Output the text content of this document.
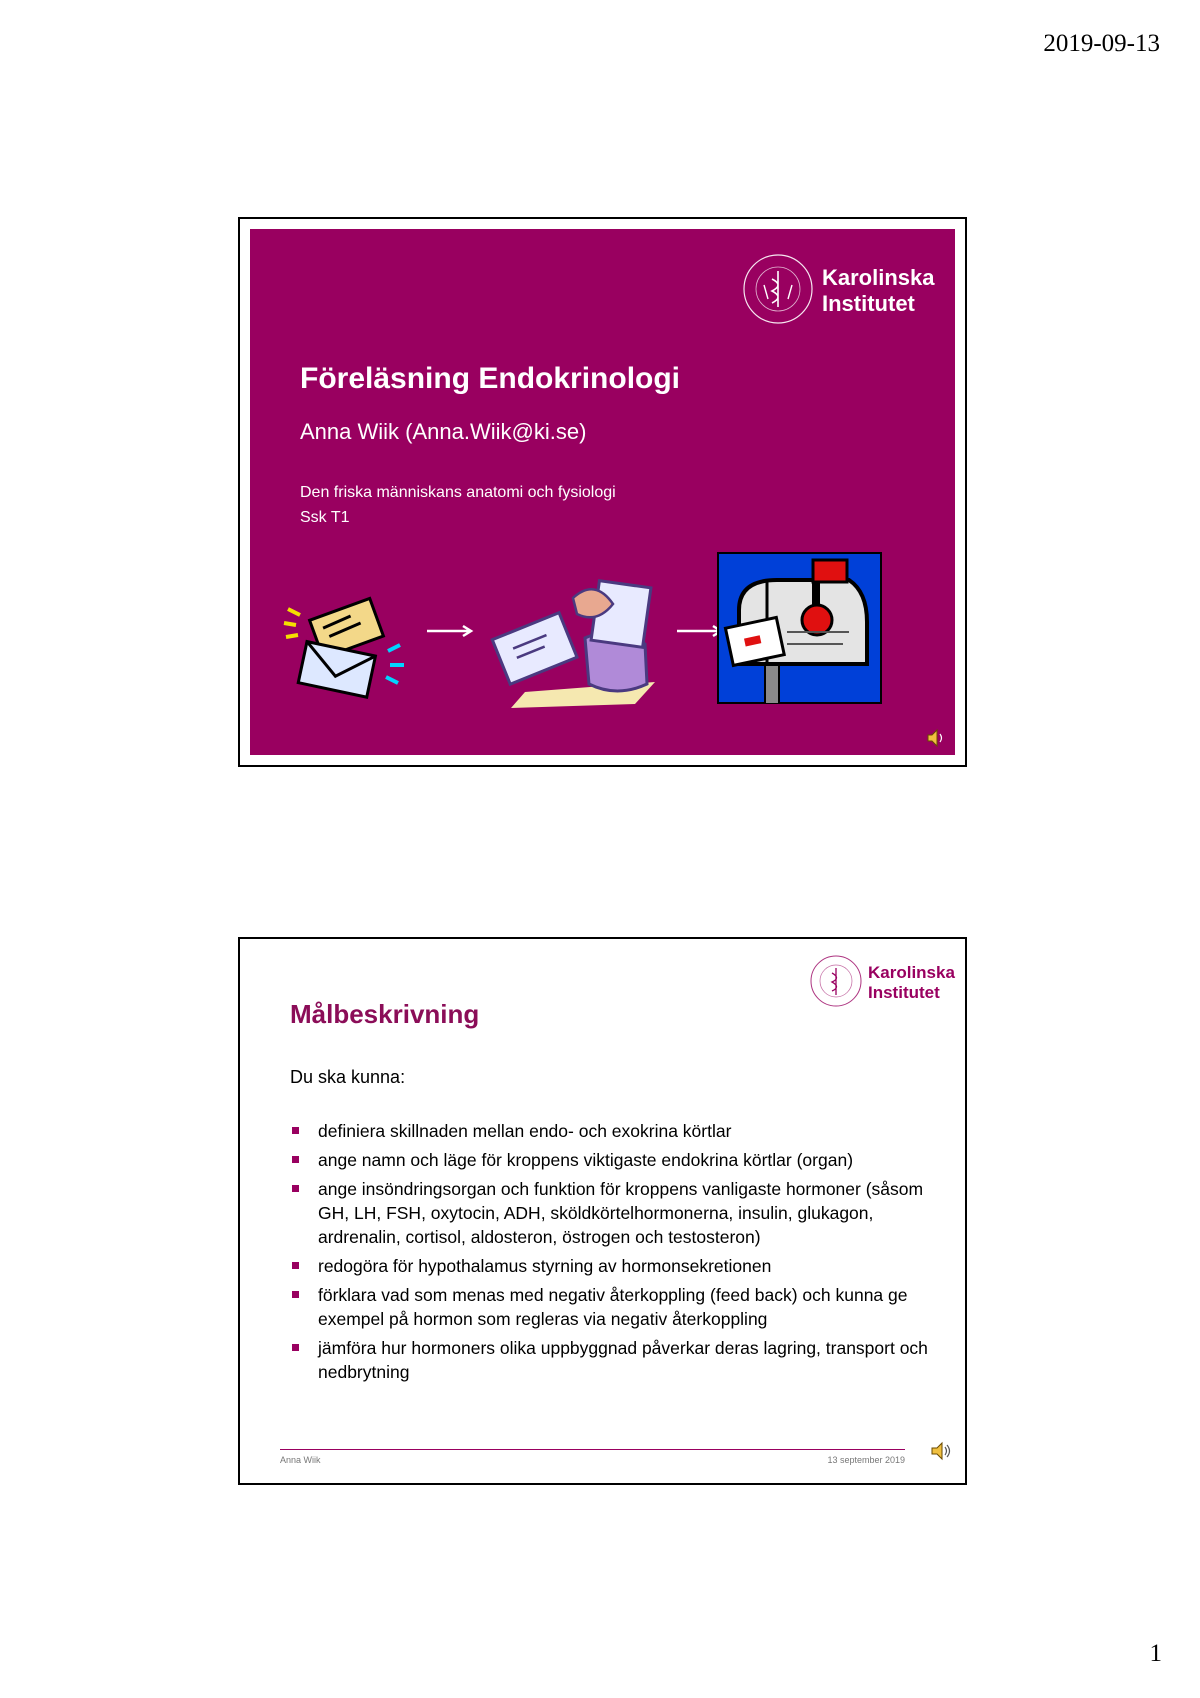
2019-09-13
Karolinska
Institutet
Föreläsning Endokrinologi
Anna Wiik (Anna.Wiik@ki.se)
Den friska människans anatomi och fysiologi
Ssk T1
Karolinska
Institutet
Målbeskrivning
Du ska kunna:
definiera skillnaden mellan endo- och exokrina körtlar
ange namn och läge för kroppens viktigaste endokrina körtlar (organ)
ange insöndringsorgan och funktion för kroppens vanligaste hormoner (såsom GH, LH, FSH, oxytocin, ADH, sköldkörtelhormonerna, insulin, glukagon, ardrenalin, cortisol, aldosteron, östrogen och testosteron)
redogöra för hypothalamus styrning av hormonsekretionen
förklara vad som menas med negativ återkoppling (feed back) och kunna ge exempel på hormon som regleras via negativ återkoppling
jämföra hur hormoners olika uppbyggnad påverkar deras lagring, transport och nedbrytning
Anna Wiik	13 september 2019
1
